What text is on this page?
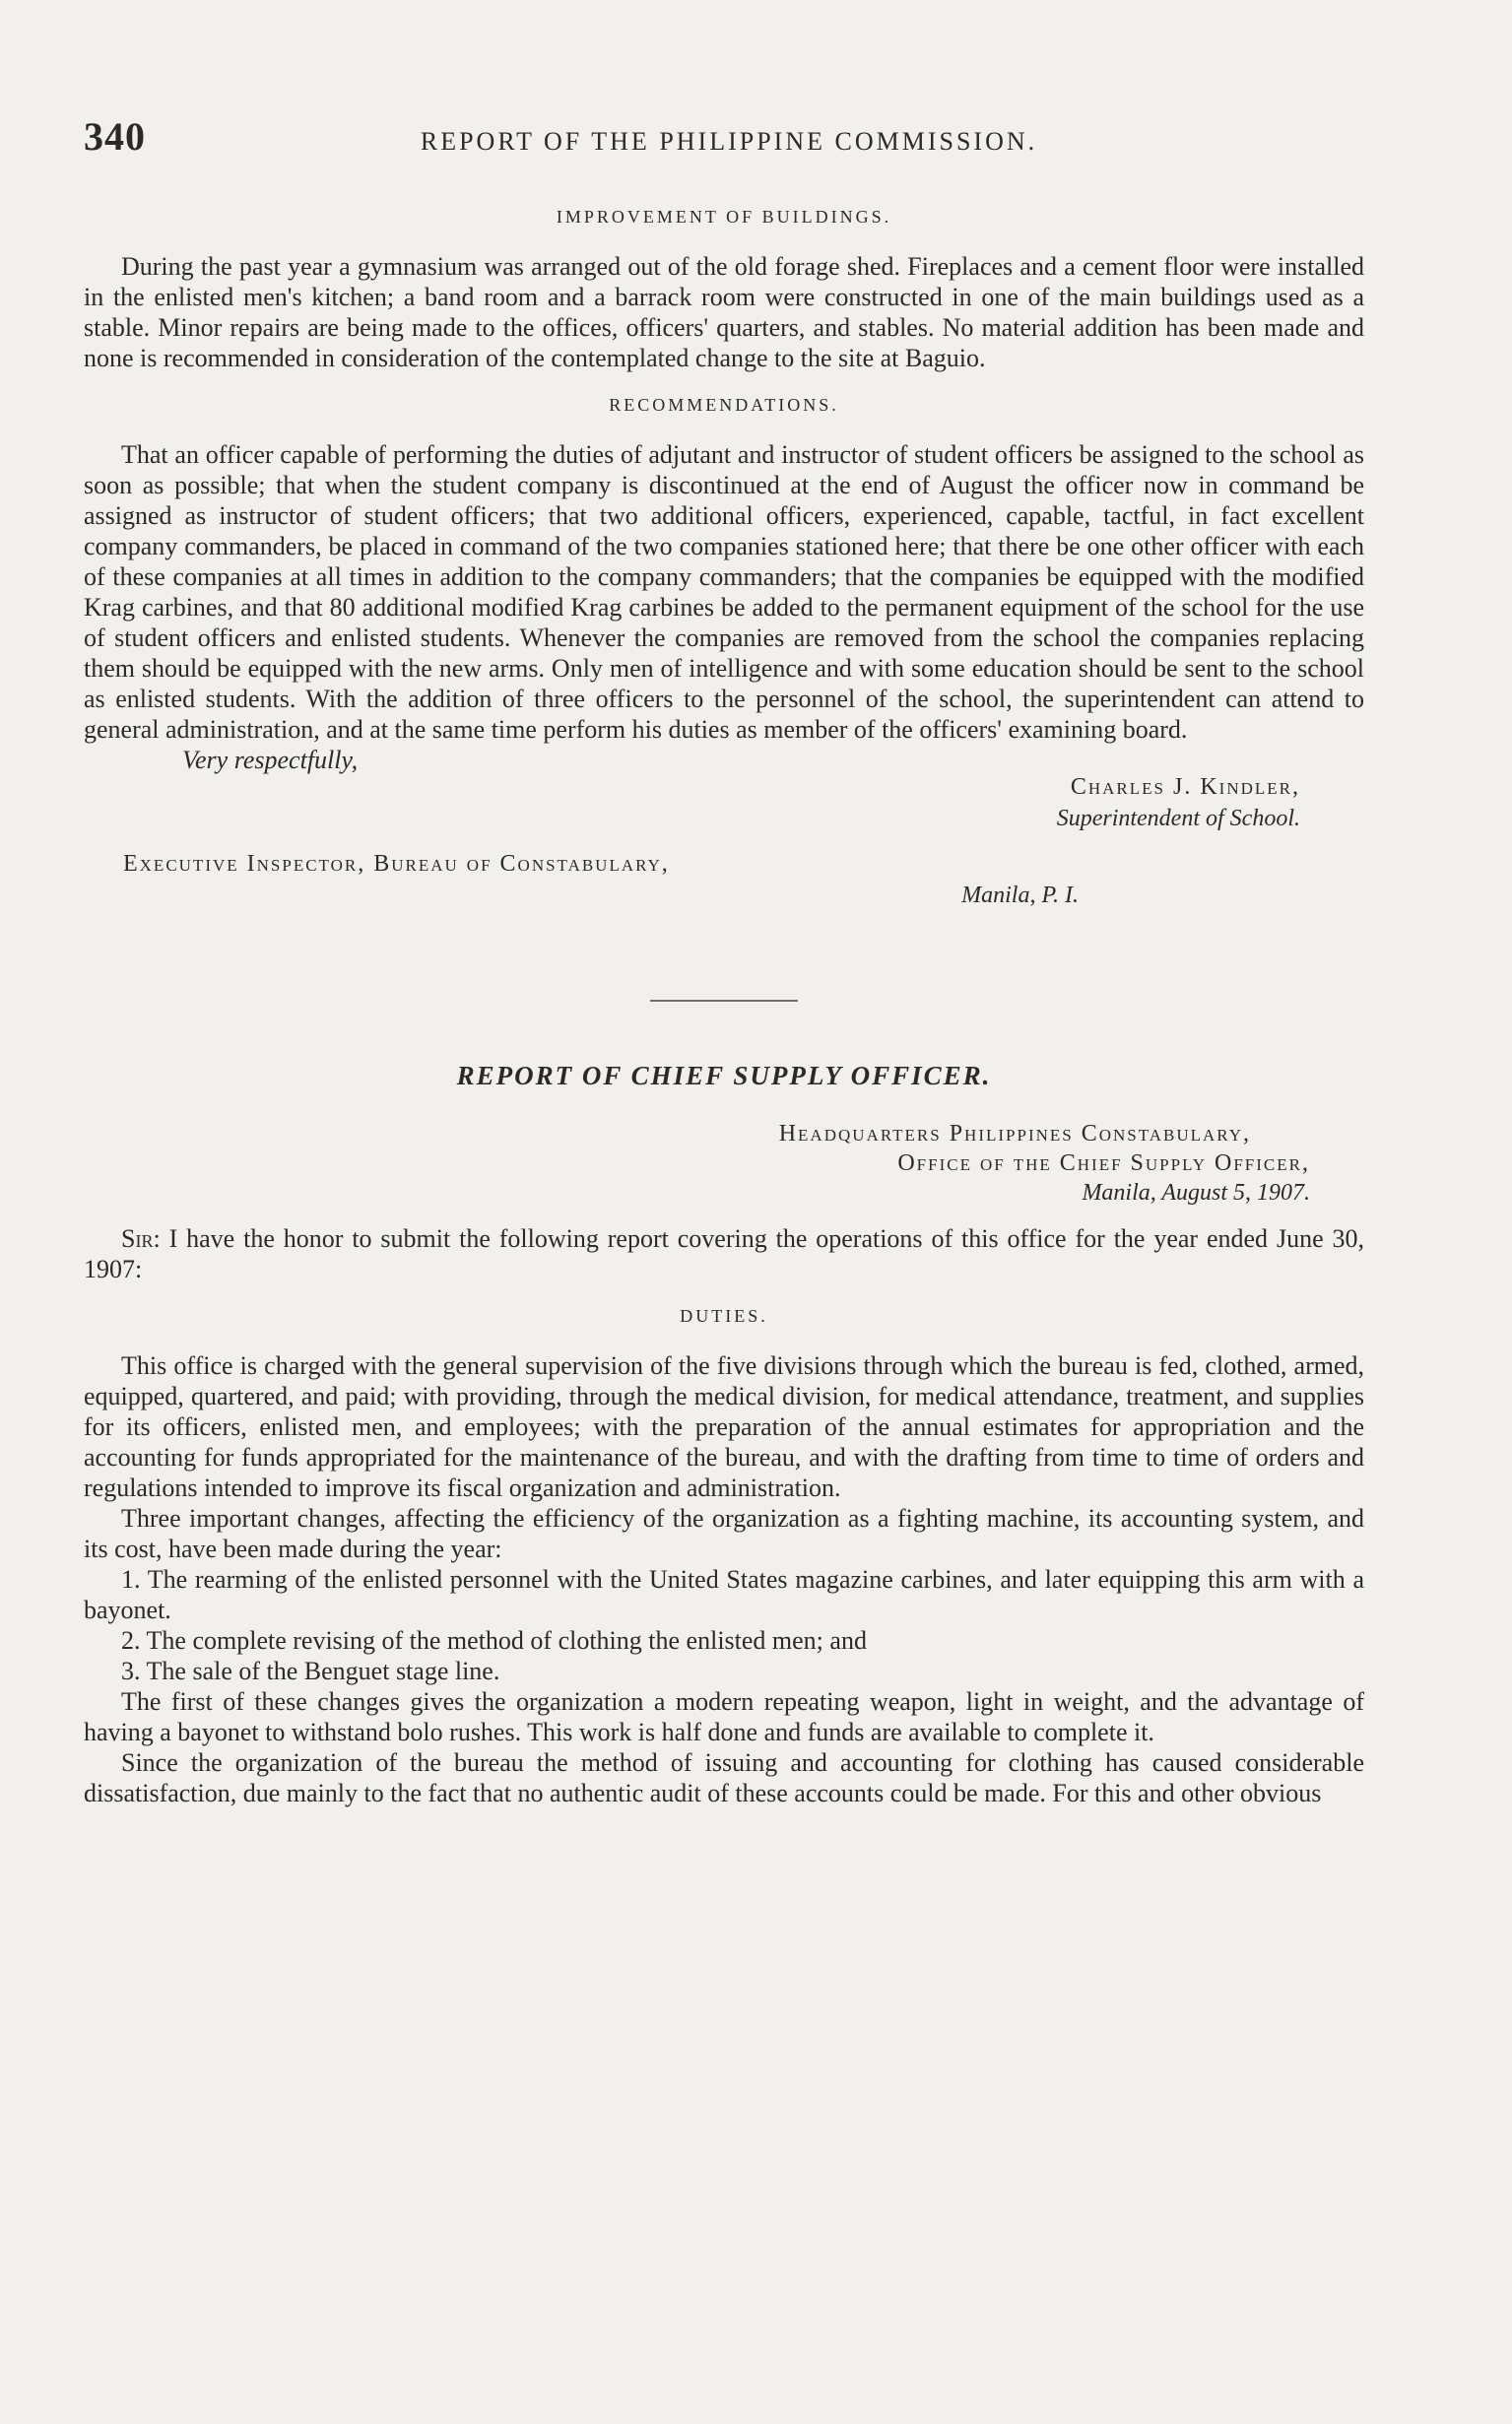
340	REPORT OF THE PHILIPPINE COMMISSION.
IMPROVEMENT OF BUILDINGS.

During the past year a gymnasium was arranged out of the old forage shed. Fireplaces and a cement floor were installed in the enlisted men's kitchen; a band room and a barrack room were constructed in one of the main buildings used as a stable. Minor repairs are being made to the offices, officers' quarters, and stables. No material addition has been made and none is recommended in consideration of the contemplated change to the site at Baguio.

RECOMMENDATIONS.

That an officer capable of performing the duties of adjutant and instructor of student officers be assigned to the school as soon as possible; that when the student company is discontinued at the end of August the officer now in command be assigned as instructor of student officers; that two additional officers, experienced, capable, tactful, in fact excellent company commanders, be placed in command of the two companies stationed here; that there be one other officer with each of these companies at all times in addition to the company commanders; that the companies be equipped with the modified Krag carbines, and that 80 additional modified Krag carbines be added to the permanent equipment of the school for the use of student officers and enlisted students. Whenever the companies are removed from the school the companies replacing them should be equipped with the new arms. Only men of intelligence and with some education should be sent to the school as enlisted students. With the addition of three officers to the personnel of the school, the superintendent can attend to general administration, and at the same time perform his duties as member of the officers' examining board.

Very respectfully,
Charles J. Kindler,
Superintendent of School.
Executive Inspector, Bureau of Constabulary,
Manila, P. I.
REPORT OF CHIEF SUPPLY OFFICER.
Headquarters Philippines Constabulary,
Office of the Chief Supply Officer,
Manila, August 5, 1907.

Sir: I have the honor to submit the following report covering the operations of this office for the year ended June 30, 1907:

DUTIES.

This office is charged with the general supervision of the five divisions through which the bureau is fed, clothed, armed, equipped, quartered, and paid; with providing, through the medical division, for medical attendance, treatment, and supplies for its officers, enlisted men, and employees; with the preparation of the annual estimates for appropriation and the accounting for funds appropriated for the maintenance of the bureau, and with the drafting from time to time of orders and regulations intended to improve its fiscal organization and administration.

Three important changes, affecting the efficiency of the organization as a fighting machine, its accounting system, and its cost, have been made during the year:

1. The rearming of the enlisted personnel with the United States magazine carbines, and later equipping this arm with a bayonet.

2. The complete revising of the method of clothing the enlisted men; and

3. The sale of the Benguet stage line.

The first of these changes gives the organization a modern repeating weapon, light in weight, and the advantage of having a bayonet to withstand bolo rushes. This work is half done and funds are available to complete it.

Since the organization of the bureau the method of issuing and accounting for clothing has caused considerable dissatisfaction, due mainly to the fact that no authentic audit of these accounts could be made. For this and other obvious
